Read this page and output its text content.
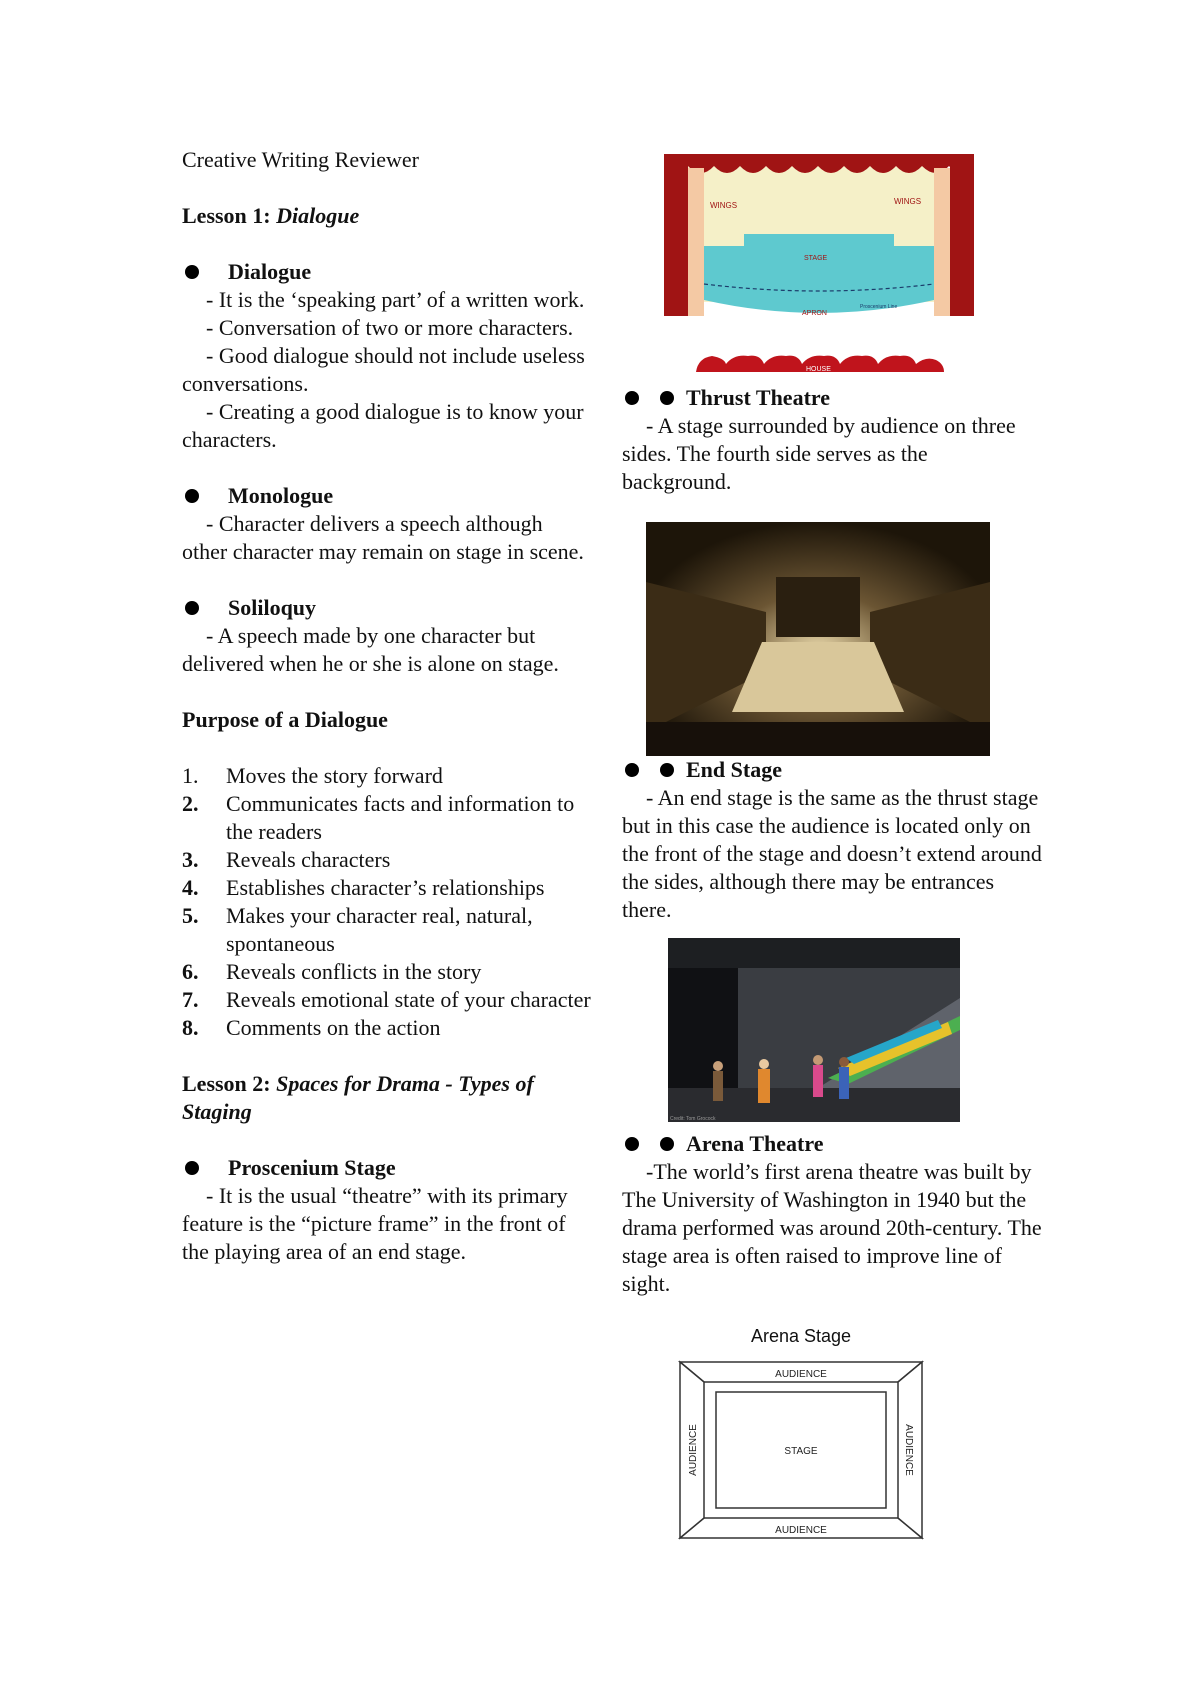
Creative Writing Reviewer

Lesson 1: Dialogue

Dialogue

- It is the ‘speaking part’ of a written work.

- Conversation of two or more characters.

- Good dialogue should not include useless conversations.

- Creating a good dialogue is to know your characters.

Monologue

- Character delivers a speech although other character may remain on stage in scene.

Soliloquy

- A speech made by one character but delivered when he or she is alone on stage.

Purpose of a Dialogue

1.	Moves the story forward
2.	Communicates facts and information to the readers
3.	Reveals characters
4.	Establishes character’s relationships
5.	Makes your character real, natural, spontaneous
6.	Reveals conflicts in the story
7.	Reveals emotional state of your character
8.	Comments on the action

Lesson 2: Spaces for Drama - Types of Staging

Proscenium Stage

- It is the usual “theatre” with its primary feature is the “picture frame” in the front of the playing area of an end stage.

WINGS	WINGS
STAGE
APRON
Proscenium Line
HOUSE
Thrust Theatre

- A stage surrounded by audience on three sides. The fourth side serves as the background.

End Stage

- An end stage is the same as the thrust stage but in this case the audience is located only on the front of the stage and doesn’t extend around the sides, although there may be entrances there.

Credit: Tom Grocock
Arena Theatre

-The world’s first arena theatre was built by The University of Washington in 1940 but the drama performed was around 20th-century. The stage area is often raised to improve line of sight.

Arena Stage
AUDIENCE
AUDIENCE
AUDIENCE	AUDIENCE
STAGE
